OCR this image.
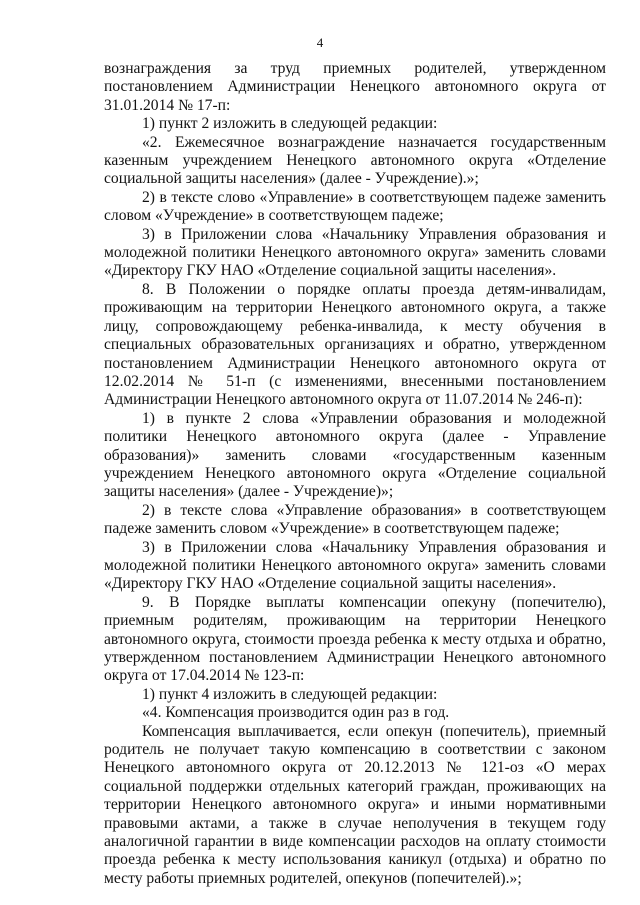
4

вознаграждения за труд приемных родителей, утвержденном постановлением Администрации Ненецкого автономного округа от 31.01.2014 № 17-п:

1) пункт 2 изложить в следующей редакции:

«2. Ежемесячное вознаграждение назначается государственным казенным учреждением Ненецкого автономного округа «Отделение социальной защиты населения» (далее - Учреждение).»;

2) в тексте слово «Управление» в соответствующем падеже заменить словом «Учреждение» в соответствующем падеже;

3) в Приложении слова «Начальнику Управления образования и молодежной политики Ненецкого автономного округа» заменить словами «Директору ГКУ НАО «Отделение социальной защиты населения».

8. В Положении о порядке оплаты проезда детям-инвалидам, проживающим на территории Ненецкого автономного округа, а также лицу, сопровождающему ребенка-инвалида, к месту обучения в специальных образовательных организациях и обратно, утвержденном постановлением Администрации Ненецкого автономного округа от 12.02.2014 № 51-п (с изменениями, внесенными постановлением Администрации Ненецкого автономного округа от 11.07.2014 № 246-п):

1) в пункте 2 слова «Управлении образования и молодежной политики Ненецкого автономного округа (далее - Управление образования)» заменить словами «государственным казенным учреждением Ненецкого автономного округа «Отделение социальной защиты населения» (далее - Учреждение)»;

2) в тексте слова «Управление образования» в соответствующем падеже заменить словом «Учреждение» в соответствующем падеже;

3) в Приложении слова «Начальнику Управления образования и молодежной политики Ненецкого автономного округа» заменить словами «Директору ГКУ НАО «Отделение социальной защиты населения».

9. В Порядке выплаты компенсации опекуну (попечителю), приемным родителям, проживающим на территории Ненецкого автономного округа, стоимости проезда ребенка к месту отдыха и обратно, утвержденном постановлением Администрации Ненецкого автономного округа от 17.04.2014 № 123-п:

1) пункт 4 изложить в следующей редакции:

«4. Компенсация производится один раз в год.

Компенсация выплачивается, если опекун (попечитель), приемный родитель не получает такую компенсацию в соответствии с законом Ненецкого автономного округа от 20.12.2013 № 121-оз «О мерах социальной поддержки отдельных категорий граждан, проживающих на территории Ненецкого автономного округа» и иными нормативными правовыми актами, а также в случае неполучения в текущем году аналогичной гарантии в виде компенсации расходов на оплату стоимости проезда ребенка к месту использования каникул (отдыха) и обратно по месту работы приемных родителей, опекунов (попечителей).»;
